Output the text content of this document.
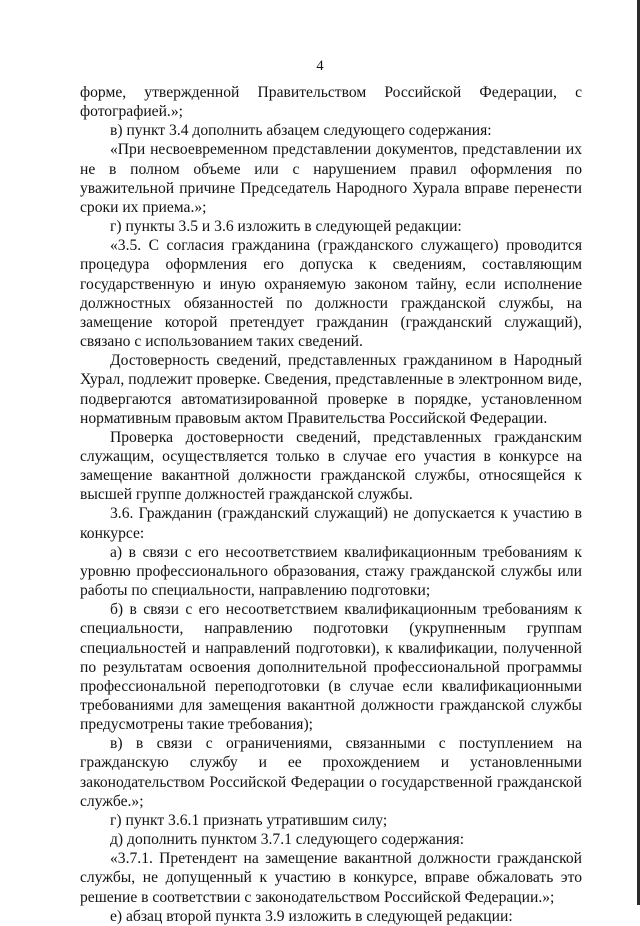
4

форме, утвержденной Правительством Российской Федерации, с фотографией.»;

в) пункт 3.4 дополнить абзацем следующего содержания:

«При несвоевременном представлении документов, представлении их не в полном объеме или с нарушением правил оформления по уважительной причине Председатель Народного Хурала вправе перенести сроки их приема.»;

г) пункты 3.5 и 3.6 изложить в следующей редакции:

«3.5. С согласия гражданина (гражданского служащего) проводится процедура оформления его допуска к сведениям, составляющим государственную и иную охраняемую законом тайну, если исполнение должностных обязанностей по должности гражданской службы, на замещение которой претендует гражданин (гражданский служащий), связано с использованием таких сведений.

Достоверность сведений, представленных гражданином в Народный Хурал, подлежит проверке. Сведения, представленные в электронном виде, подвергаются автоматизированной проверке в порядке, установленном нормативным правовым актом Правительства Российской Федерации.

Проверка достоверности сведений, представленных гражданским служащим, осуществляется только в случае его участия в конкурсе на замещение вакантной должности гражданской службы, относящейся к высшей группе должностей гражданской службы.

3.6. Гражданин (гражданский служащий) не допускается к участию в конкурсе:

а) в связи с его несоответствием квалификационным требованиям к уровню профессионального образования, стажу гражданской службы или работы по специальности, направлению подготовки;

б) в связи с его несоответствием квалификационным требованиям к специальности, направлению подготовки (укрупненным группам специальностей и направлений подготовки), к квалификации, полученной по результатам освоения дополнительной профессиональной программы профессиональной переподготовки (в случае если квалификационными требованиями для замещения вакантной должности гражданской службы предусмотрены такие требования);

в) в связи с ограничениями, связанными с поступлением на гражданскую службу и ее прохождением и установленными законодательством Российской Федерации о государственной гражданской службе.»;

г) пункт 3.6.1 признать утратившим силу;

д) дополнить пунктом 3.7.1 следующего содержания:

«3.7.1. Претендент на замещение вакантной должности гражданской службы, не допущенный к участию в конкурсе, вправе обжаловать это решение в соответствии с законодательством Российской Федерации.»;

е) абзац второй пункта 3.9 изложить в следующей редакции:
